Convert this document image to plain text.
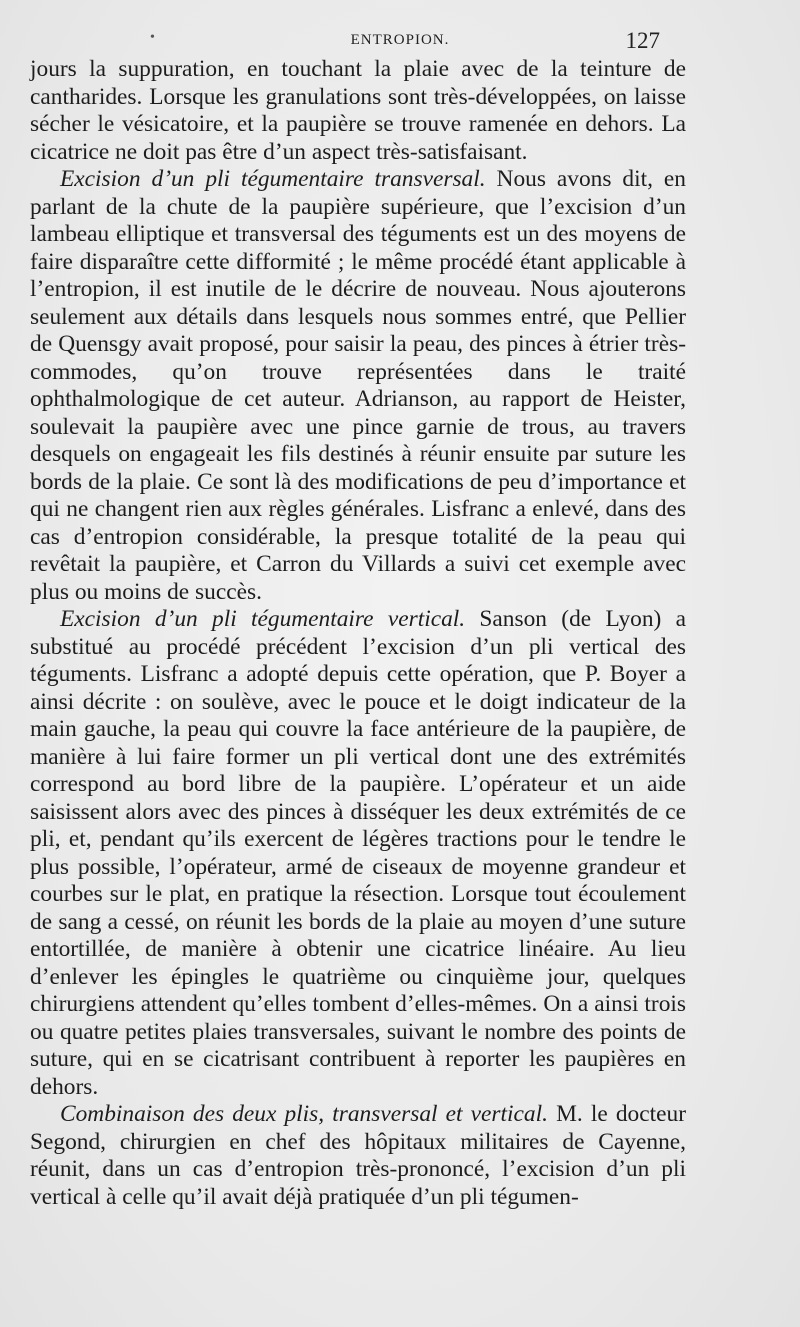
•	ENTROPION.	127

jours la suppuration, en touchant la plaie avec de la teinture de cantharides. Lorsque les granulations sont très-développées, on laisse sécher le vésicatoire, et la paupière se trouve ramenée en dehors. La cicatrice ne doit pas être d’un aspect très-satisfaisant.

Excision d’un pli tégumentaire transversal. Nous avons dit, en parlant de la chute de la paupière supérieure, que l’excision d’un lambeau elliptique et transversal des téguments est un des moyens de faire disparaître cette difformité ; le même procédé étant applicable à l’entropion, il est inutile de le décrire de nouveau. Nous ajouterons seulement aux détails dans lesquels nous sommes entré, que Pellier de Quensgy avait proposé, pour saisir la peau, des pinces à étrier très-commodes, qu’on trouve représentées dans le traité ophthalmologique de cet auteur. Adrianson, au rapport de Heister, soulevait la paupière avec une pince garnie de trous, au travers desquels on engageait les fils destinés à réunir ensuite par suture les bords de la plaie. Ce sont là des modifications de peu d’importance et qui ne changent rien aux règles générales. Lisfranc a enlevé, dans des cas d’entropion considérable, la presque totalité de la peau qui revêtait la paupière, et Carron du Villards a suivi cet exemple avec plus ou moins de succès.

Excision d’un pli tégumentaire vertical. Sanson (de Lyon) a substitué au procédé précédent l’excision d’un pli vertical des téguments. Lisfranc a adopté depuis cette opération, que P. Boyer a ainsi décrite : on soulève, avec le pouce et le doigt indicateur de la main gauche, la peau qui couvre la face antérieure de la paupière, de manière à lui faire former un pli vertical dont une des extrémités correspond au bord libre de la paupière. L’opérateur et un aide saisissent alors avec des pinces à disséquer les deux extrémités de ce pli, et, pendant qu’ils exercent de légères tractions pour le tendre le plus possible, l’opérateur, armé de ciseaux de moyenne grandeur et courbes sur le plat, en pratique la résection. Lorsque tout écoulement de sang a cessé, on réunit les bords de la plaie au moyen d’une suture entortillée, de manière à obtenir une cicatrice linéaire. Au lieu d’enlever les épingles le quatrième ou cinquième jour, quelques chirurgiens attendent qu’elles tombent d’elles-mêmes. On a ainsi trois ou quatre petites plaies transversales, suivant le nombre des points de suture, qui en se cicatrisant contribuent à reporter les paupières en dehors.

Combinaison des deux plis, transversal et vertical. M. le docteur Segond, chirurgien en chef des hôpitaux militaires de Cayenne, réunit, dans un cas d’entropion très-prononcé, l’excision d’un pli vertical à celle qu’il avait déjà pratiquée d’un pli tégumen-
